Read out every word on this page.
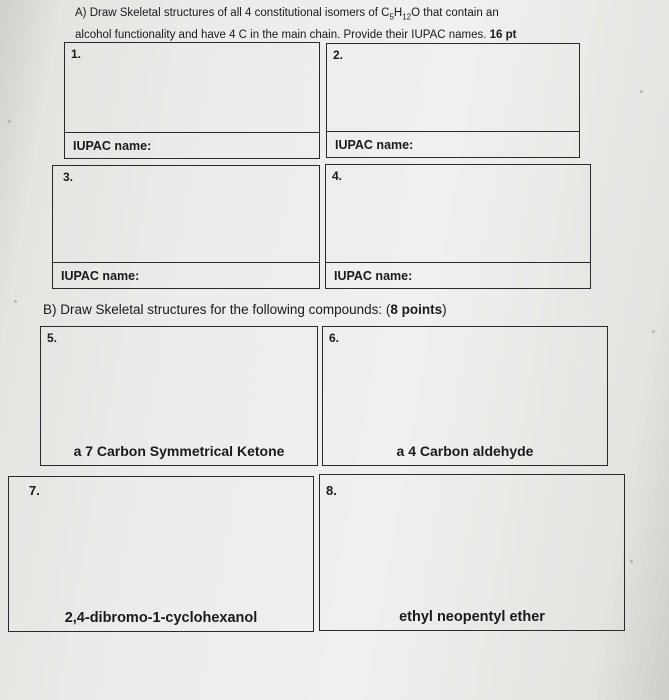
A) Draw Skeletal structures of all 4 constitutional isomers of $C_5H_{12}O$ that contain an
alcohol functionality and have 4 C in the main chain. Provide their IUPAC names. 16 pt
1.
IUPAC name:
2.
IUPAC name:
3.
IUPAC name:
4.
IUPAC name:
B) Draw Skeletal structures for the following compounds: (8 points)
5.
a 7 Carbon Symmetrical Ketone
6.
a 4 Carbon aldehyde
7.
2,4-dibromo-1-cyclohexanol
8.
ethyl neopentyl ether
